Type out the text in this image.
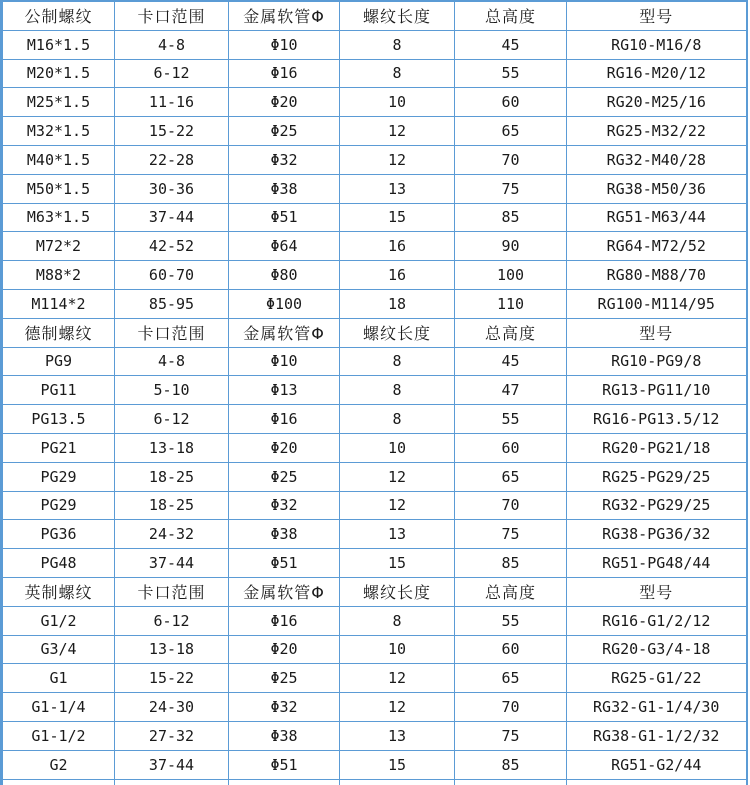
公制螺纹	卡口范围	金属软管Φ	螺纹长度	总高度	型号
M16*1.5	4-8	Φ10	8	45	RG10-M16/8
M20*1.5	6-12	Φ16	8	55	RG16-M20/12
M25*1.5	11-16	Φ20	10	60	RG20-M25/16
M32*1.5	15-22	Φ25	12	65	RG25-M32/22
M40*1.5	22-28	Φ32	12	70	RG32-M40/28
M50*1.5	30-36	Φ38	13	75	RG38-M50/36
M63*1.5	37-44	Φ51	15	85	RG51-M63/44
M72*2	42-52	Φ64	16	90	RG64-M72/52
M88*2	60-70	Φ80	16	100	RG80-M88/70
M114*2	85-95	Φ100	18	110	RG100-M114/95
德制螺纹	卡口范围	金属软管Φ	螺纹长度	总高度	型号
PG9	4-8	Φ10	8	45	RG10-PG9/8
PG11	5-10	Φ13	8	47	RG13-PG11/10
PG13.5	6-12	Φ16	8	55	RG16-PG13.5/12
PG21	13-18	Φ20	10	60	RG20-PG21/18
PG29	18-25	Φ25	12	65	RG25-PG29/25
PG29	18-25	Φ32	12	70	RG32-PG29/25
PG36	24-32	Φ38	13	75	RG38-PG36/32
PG48	37-44	Φ51	15	85	RG51-PG48/44
英制螺纹	卡口范围	金属软管Φ	螺纹长度	总高度	型号
G1/2	6-12	Φ16	8	55	RG16-G1/2/12
G3/4	13-18	Φ20	10	60	RG20-G3/4-18
G1	15-22	Φ25	12	65	RG25-G1/22
G1-1/4	24-30	Φ32	12	70	RG32-G1-1/4/30
G1-1/2	27-32	Φ38	13	75	RG38-G1-1/2/32
G2	37-44	Φ51	15	85	RG51-G2/44
